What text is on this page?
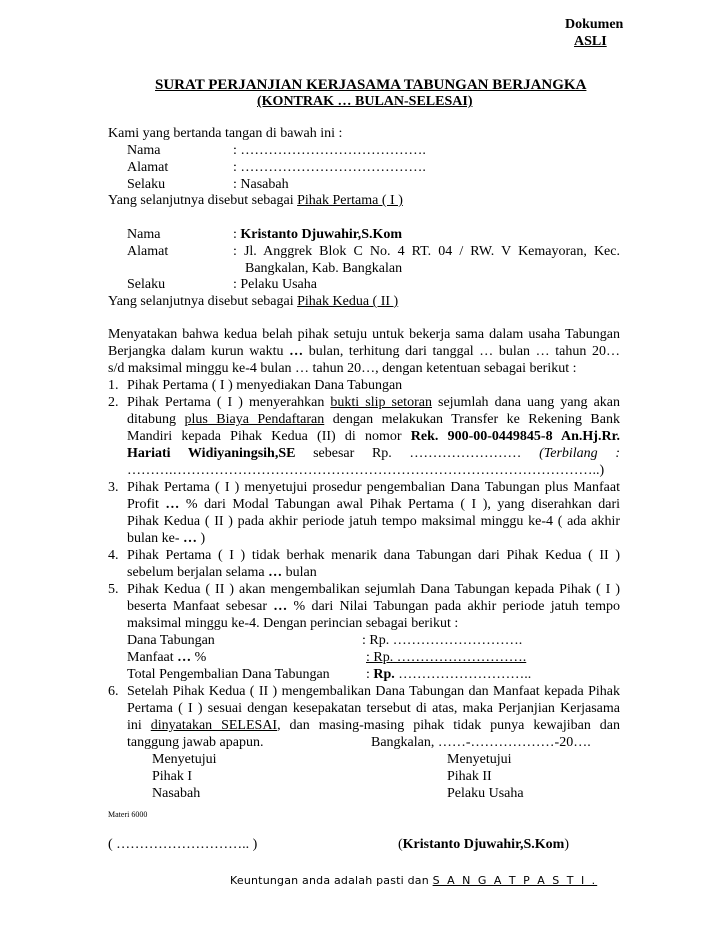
Dokumen
ASLI
SURAT PERJANJIAN KERJASAMA TABUNGAN BERJANGKA
(KONTRAK … BULAN-SELESAI)
Kami yang bertanda tangan di bawah ini :
Nama	: ………………………………….
Alamat	: ………………………………….
Selaku	: Nasabah
Yang selanjutnya disebut sebagai Pihak Pertama ( I )
Nama	: Kristanto Djuwahir,S.Kom
Alamat	: Jl. Anggrek Blok C No. 4 RT. 04 / RW. V Kemayoran, Kec.
Bangkalan, Kab. Bangkalan
Selaku	: Pelaku Usaha
Yang selanjutnya disebut sebagai Pihak Kedua ( II )
Menyatakan bahwa kedua belah pihak setuju untuk bekerja sama dalam usaha Tabungan
Berjangka dalam kurun waktu … bulan, terhitung dari tanggal … bulan … tahun 20…
s/d maksimal minggu ke-4 bulan … tahun 20…, dengan ketentuan sebagai berikut :
1. Pihak Pertama ( I ) menyediakan Dana Tabungan
2. Pihak Pertama ( I ) menyerahkan bukti slip setoran sejumlah dana uang yang akan
ditabung plus Biaya Pendaftaran dengan melakukan Transfer ke Rekening Bank
Mandiri kepada Pihak Kedua (II) di nomor Rek. 900-00-0449845-8 An.Hj.Rr.
Hariati Widiyaningsih,SE sebesar Rp. …………………… (Terbilang :
……….………………………………………………………………………………..)
3. Pihak Pertama ( I ) menyetujui prosedur pengembalian Dana Tabungan plus Manfaat
Profit … % dari Modal Tabungan awal Pihak Pertama ( I ), yang diserahkan dari
Pihak Kedua ( II ) pada akhir periode jatuh tempo maksimal minggu ke-4 ( ada akhir
bulan ke- … )
4. Pihak Pertama ( I ) tidak berhak menarik dana Tabungan dari Pihak Kedua ( II )
sebelum berjalan selama … bulan
5. Pihak Kedua ( II ) akan mengembalikan sejumlah Dana Tabungan kepada Pihak ( I )
beserta Manfaat sebesar … % dari Nilai Tabungan pada akhir periode jatuh tempo
maksimal minggu ke-4. Dengan perincian sebagai berikut :
Dana Tabungan	: Rp. ……………………….
Manfaat … %	: Rp. ……………………….
Total Pengembalian Dana Tabungan	: Rp. ………………………..
6. Setelah Pihak Kedua ( II ) mengembalikan Dana Tabungan dan Manfaat kepada Pihak
Pertama ( I ) sesuai dengan kesepakatan tersebut di atas, maka Perjanjian Kerjasama
ini dinyatakan SELESAI, dan masing-masing pihak tidak punya kewajiban dan
tanggung jawab apapun.	Bangkalan, ……-………………-20….
Menyetujui	Menyetujui
Pihak I	Pihak II
Nasabah	Pelaku Usaha
Materi 6000
( ……………………….. )	(Kristanto Djuwahir,S.Kom)
Keuntungan anda adalah pasti dan S A N G A T P A S T I .
